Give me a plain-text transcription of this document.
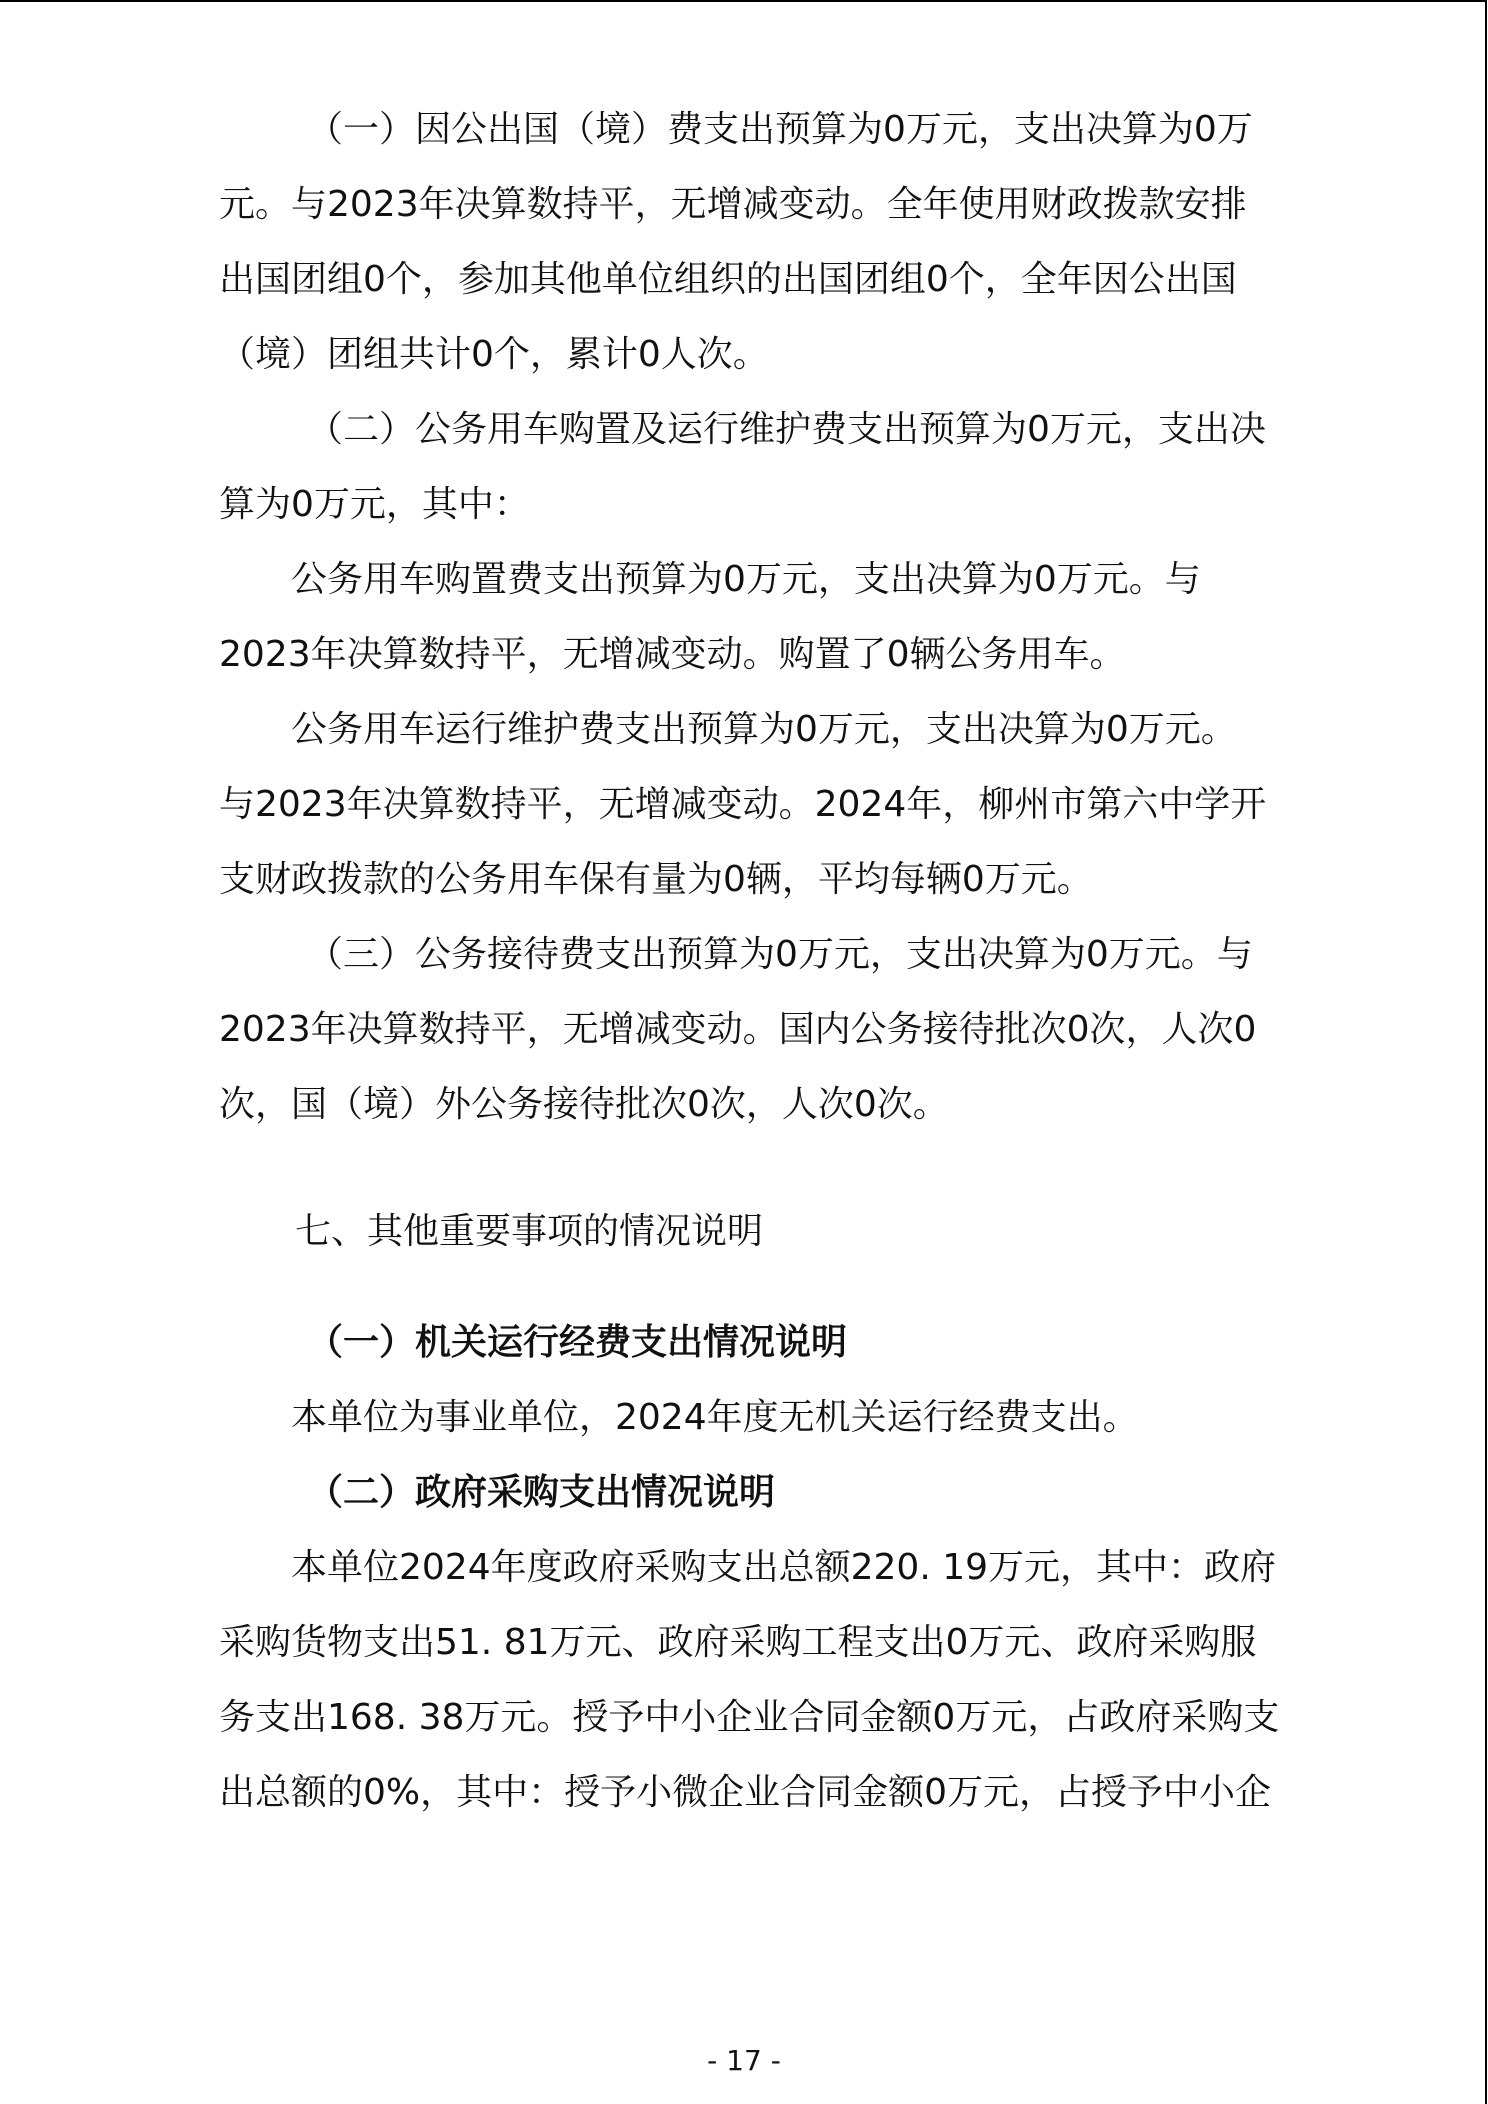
（一）因公出国（境）费支出预算为0万元，支出决算为0万
元。与2023年决算数持平，无增减变动。全年使用财政拨款安排
出国团组0个，参加其他单位组织的出国团组0个，全年因公出国
（境）团组共计0个，累计0人次。
（二）公务用车购置及运行维护费支出预算为0万元，支出决
算为0万元，其中：
公务用车购置费支出预算为0万元，支出决算为0万元。与
2023年决算数持平，无增减变动。购置了0辆公务用车。
公务用车运行维护费支出预算为0万元，支出决算为0万元。
与2023年决算数持平，无增减变动。2024年，柳州市第六中学开
支财政拨款的公务用车保有量为0辆，平均每辆0万元。
（三）公务接待费支出预算为0万元，支出决算为0万元。与
2023年决算数持平，无增减变动。国内公务接待批次0次，人次0
次，国（境）外公务接待批次0次，人次0次。
七、其他重要事项的情况说明
（一）机关运行经费支出情况说明
本单位为事业单位，2024年度无机关运行经费支出。
（二）政府采购支出情况说明
本单位2024年度政府采购支出总额220. 19万元，其中：政府
采购货物支出51. 81万元、政府采购工程支出0万元、政府采购服
务支出168. 38万元。授予中小企业合同金额0万元，占政府采购支
出总额的0%，其中：授予小微企业合同金额0万元，占授予中小企
- 17 -
